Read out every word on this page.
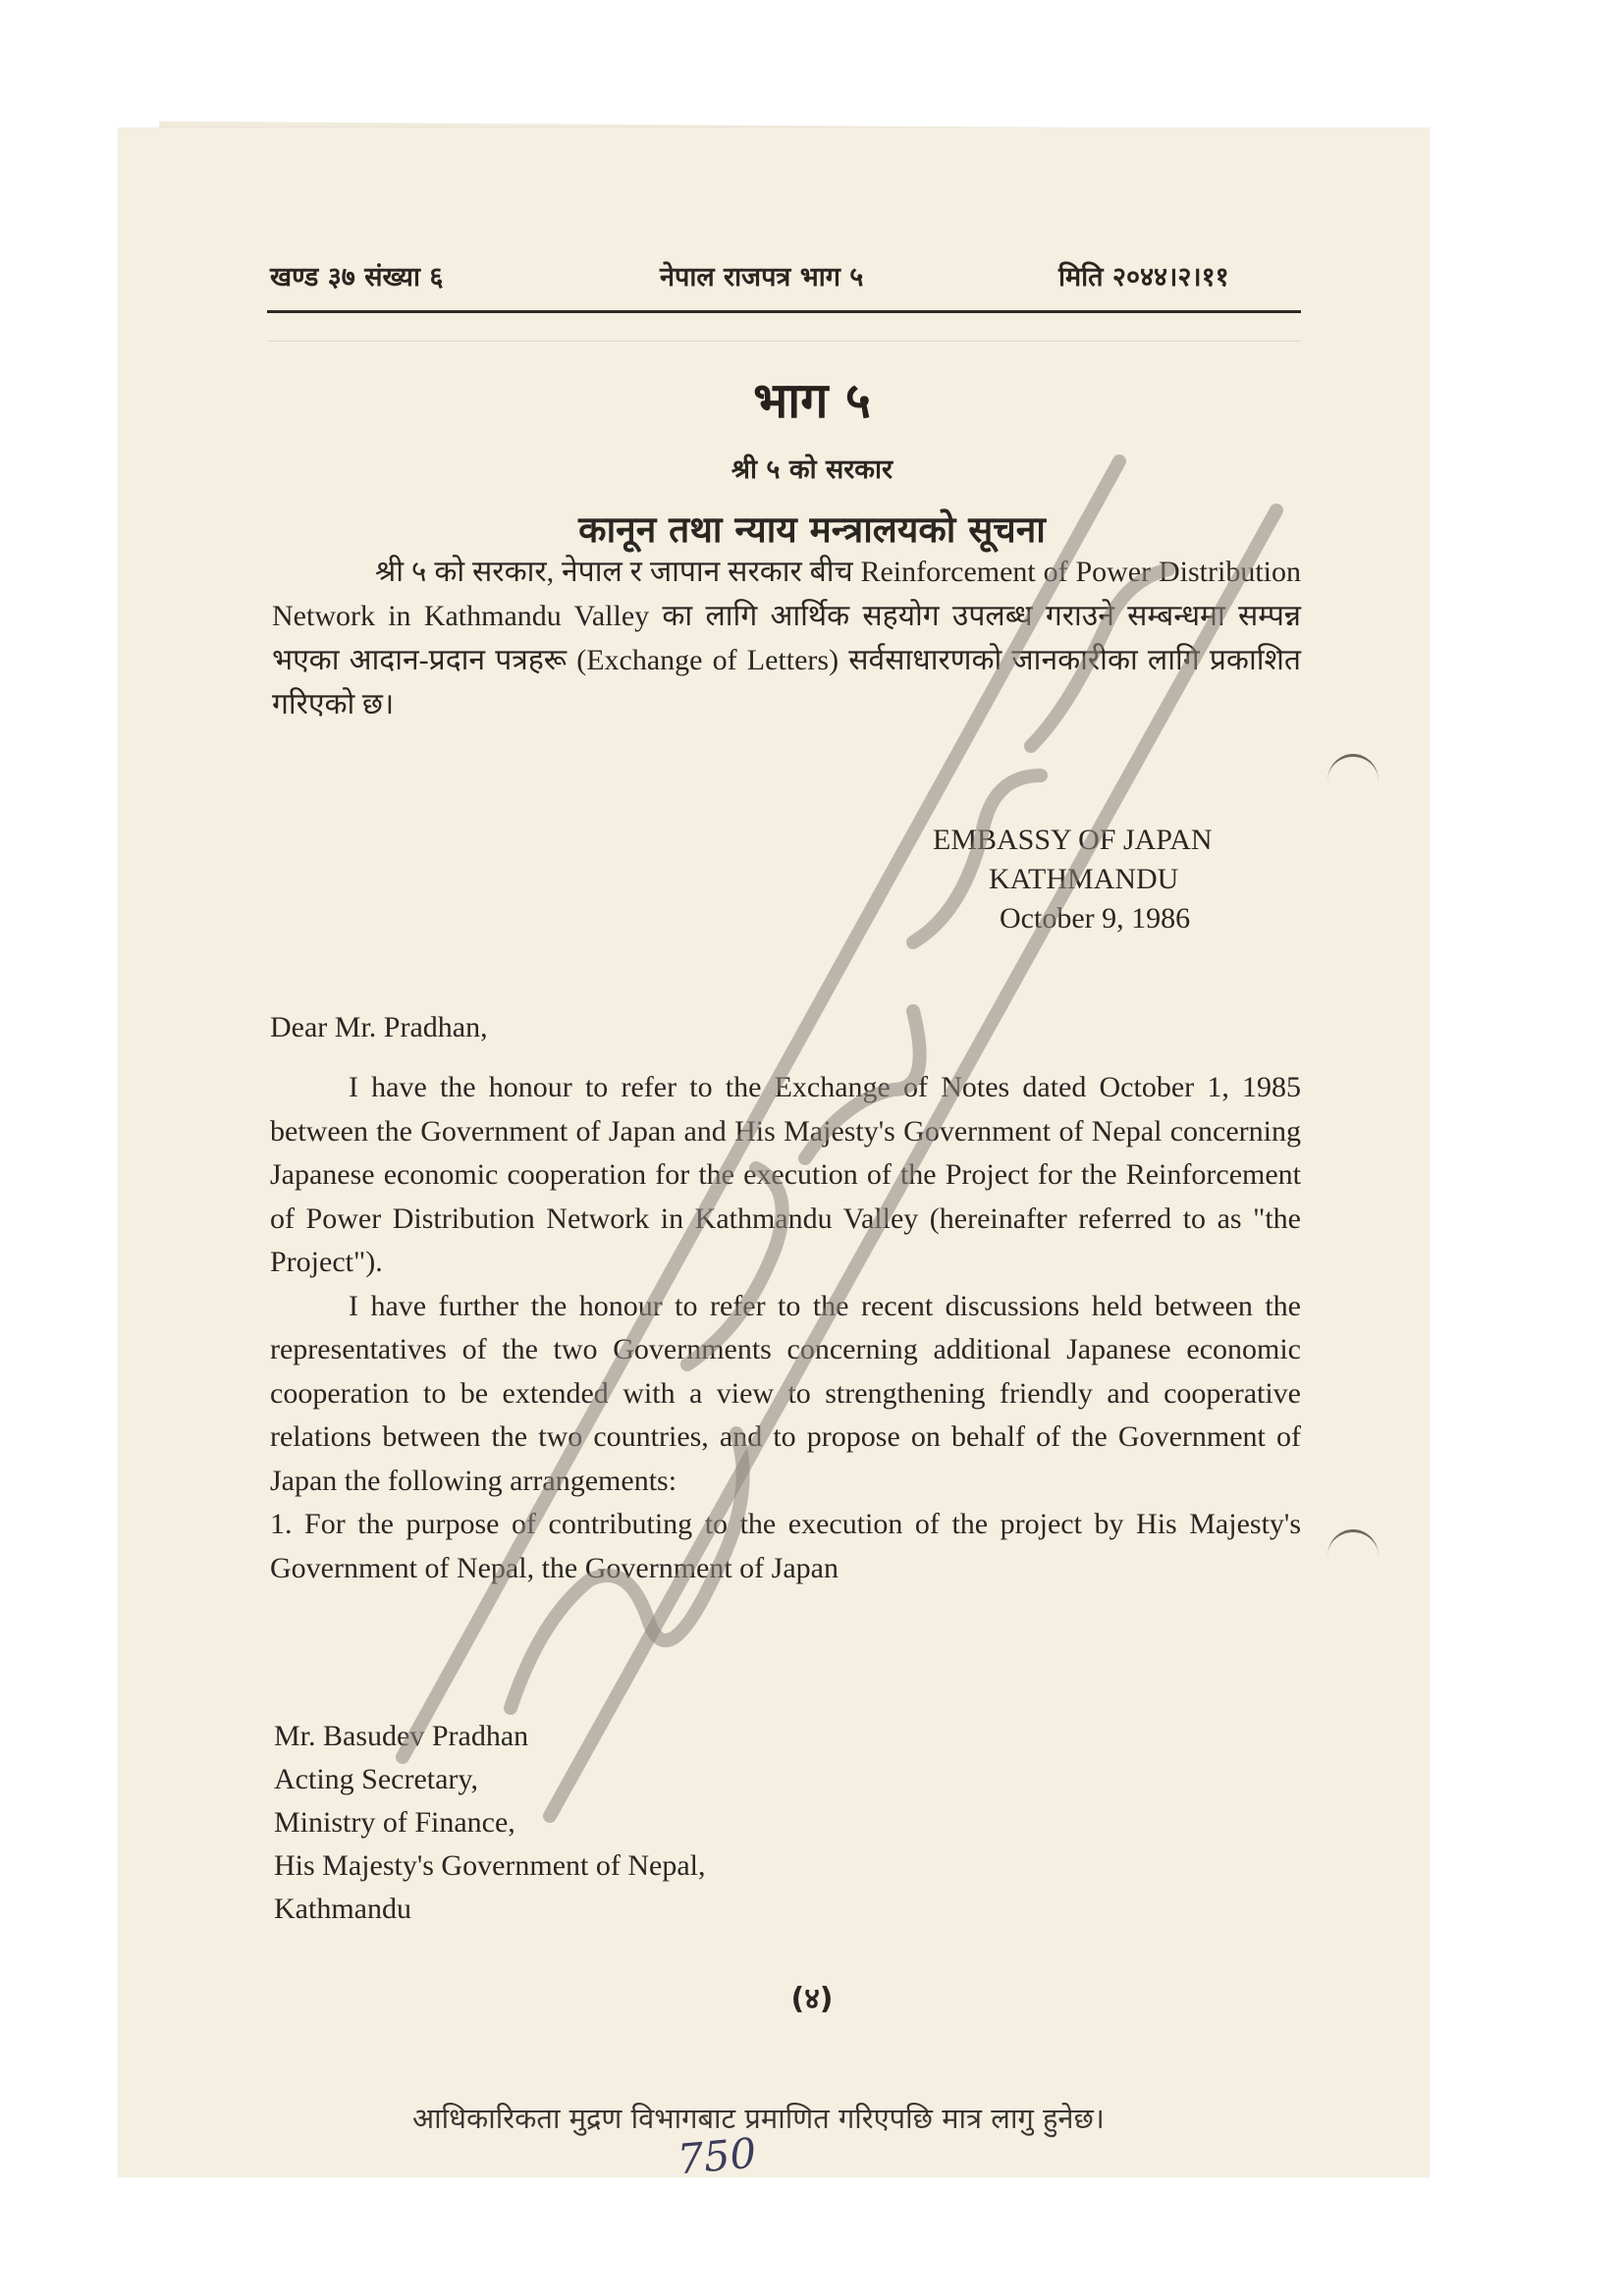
खण्ड ३७ संख्या ६	नेपाल राजपत्र भाग ५	मिति २०४४।२।११
भाग ५
श्री ५ को सरकार
कानून तथा न्याय मन्त्रालयको सूचना
श्री ५ को सरकार, नेपाल र जापान सरकार बीच Reinforcement of Power Distribution Network in Kathmandu Valley का लागि आर्थिक सहयोग उपलब्ध गराउने सम्बन्धमा सम्पन्न भएका आदान-प्रदान पत्रहरू (Exchange of Letters) सर्वसाधारणको जानकारीका लागि प्रकाशित गरिएको छ।
EMBASSY OF JAPAN
KATHMANDU
October 9, 1986
Dear Mr. Pradhan,

I have the honour to refer to the Exchange of Notes dated October 1, 1985 between the Government of Japan and His Majesty's Government of Nepal concerning Japanese economic cooperation for the execution of the Project for the Reinforcement of Power Distribution Network in Kathmandu Valley (hereinafter referred to as "the Project").

I have further the honour to refer to the recent discussions held between the representatives of the two Governments concerning additional Japanese economic cooperation to be extended with a view to strengthening friendly and cooperative relations between the two countries, and to propose on behalf of the Government of Japan the following arrangements:

1. For the purpose of contributing to the execution of the project by His Majesty's Government of Nepal, the Government of Japan

Mr. Basudev Pradhan
Acting Secretary,
Ministry of Finance,
His Majesty's Government of Nepal,
Kathmandu
(४)
आधिकारिकता मुद्रण विभागबाट प्रमाणित गरिएपछि मात्र लागु हुनेछ।
750
